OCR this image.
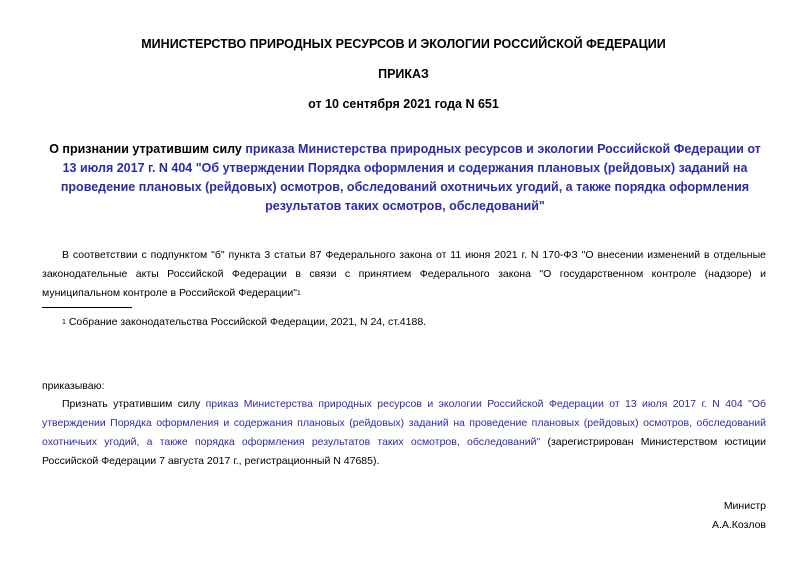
МИНИСТЕРСТВО ПРИРОДНЫХ РЕСУРСОВ И ЭКОЛОГИИ РОССИЙСКОЙ ФЕДЕРАЦИИ
ПРИКАЗ
от 10 сентября 2021 года N 651
О признании утратившим силу приказа Министерства природных ресурсов и экологии Российской Федерации от 13 июля 2017 г. N 404 "Об утверждении Порядка оформления и содержания плановых (рейдовых) заданий на проведение плановых (рейдовых) осмотров, обследований охотничьих угодий, а также порядка оформления результатов таких осмотров, обследований"
В соответствии с подпунктом "б" пункта 3 статьи 87 Федерального закона от 11 июня 2021 г. N 170-ФЗ "О внесении изменений в отдельные законодательные акты Российской Федерации в связи с принятием Федерального закона "О государственном контроле (надзоре) и муниципальном контроле в Российской Федерации"1
1 Собрание законодательства Российской Федерации, 2021, N 24, ст.4188.
приказываю:
Признать утратившим силу приказ Министерства природных ресурсов и экологии Российской Федерации от 13 июля 2017 г. N 404 "Об утверждении Порядка оформления и содержания плановых (рейдовых) заданий на проведение плановых (рейдовых) осмотров, обследований охотничьих угодий, а также порядка оформления результатов таких осмотров, обследований" (зарегистрирован Министерством юстиции Российской Федерации 7 августа 2017 г., регистрационный N 47685).
Министр
А.А.Козлов
